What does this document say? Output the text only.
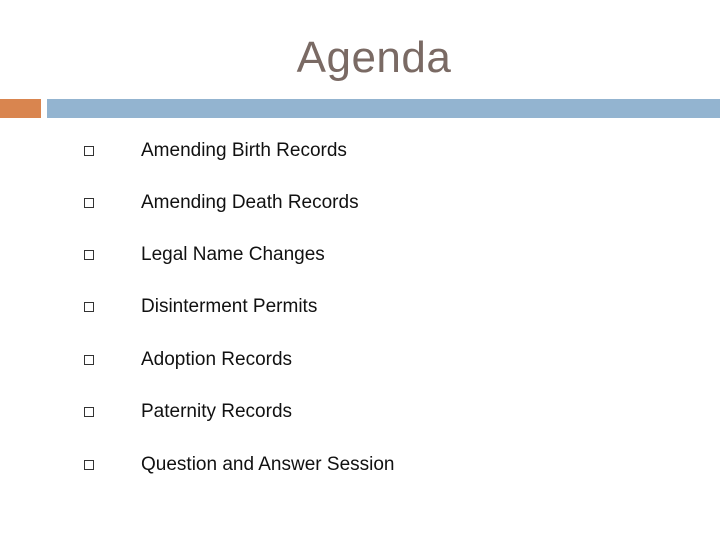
Agenda
Amending Birth Records
Amending Death Records
Legal Name Changes
Disinterment Permits
Adoption Records
Paternity Records
Question and Answer Session
